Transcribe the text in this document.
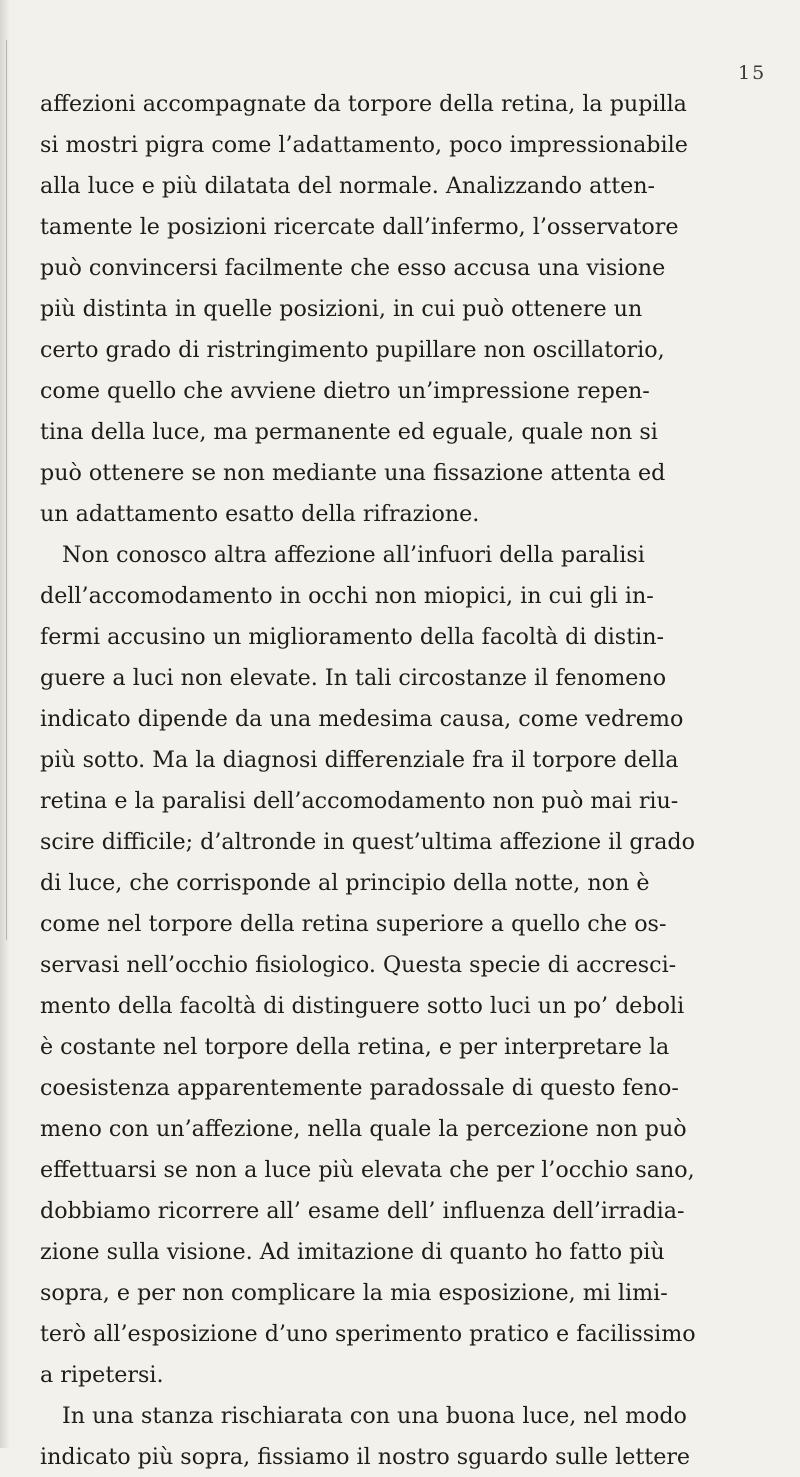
15
affezioni accompagnate da torpore della retina, la pupilla
si mostri pigra come l’adattamento, poco impressionabile
alla luce e più dilatata del normale. Analizzando atten-
tamente le posizioni ricercate dall’infermo, l’osservatore
può convincersi facilmente che esso accusa una visione
più distinta in quelle posizioni, in cui può ottenere un
certo grado di ristringimento pupillare non oscillatorio,
come quello che avviene dietro un’impressione repen-
tina della luce, ma permanente ed eguale, quale non si
può ottenere se non mediante una fissazione attenta ed
un adattamento esatto della rifrazione.
Non conosco altra affezione all’infuori della paralisi
dell’accomodamento in occhi non miopici, in cui gli in-
fermi accusino un miglioramento della facoltà di distin-
guere a luci non elevate. In tali circostanze il fenomeno
indicato dipende da una medesima causa, come vedremo
più sotto. Ma la diagnosi differenziale fra il torpore della
retina e la paralisi dell’accomodamento non può mai riu-
scire difficile; d’altronde in quest’ultima affezione il grado
di luce, che corrisponde al principio della notte, non è
come nel torpore della retina superiore a quello che os-
servasi nell’occhio fisiologico. Questa specie di accresci-
mento della facoltà di distinguere sotto luci un po’ deboli
è costante nel torpore della retina, e per interpretare la
coesistenza apparentemente paradossale di questo feno-
meno con un’affezione, nella quale la percezione non può
effettuarsi se non a luce più elevata che per l’occhio sano,
dobbiamo ricorrere all’ esame dell’ influenza dell’irradia-
zione sulla visione. Ad imitazione di quanto ho fatto più
sopra, e per non complicare la mia esposizione, mi limi-
terò all’esposizione d’uno sperimento pratico e facilissimo
a ripetersi.
In una stanza rischiarata con una buona luce, nel modo
indicato più sopra, fissiamo il nostro sguardo sulle lettere
